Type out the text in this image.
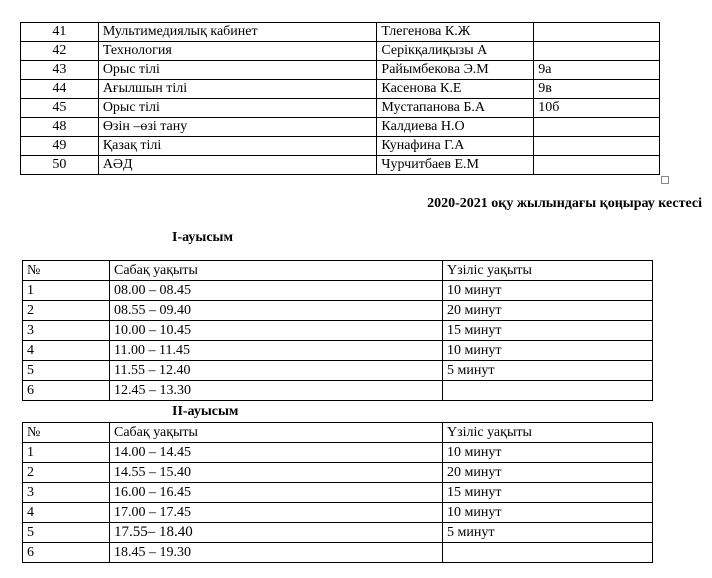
41	Мультимедиялық кабинет	Тлегенова К.Ж	
42	Технология	Серікқалиқызы А	
43	Орыс тілі	Райымбекова Э.М	9а
44	Ағылшын тілі	Касенова К.Е	9в
45	Орыс тілі	Мустапанова Б.А	10б
48	Өзін –өзі тану	Калдиева Н.О	
49	Қазақ тілі	Кунафина Г.А	
50	АӘД	Чурчитбаев Е.М	
2020-2021 оқу жылындағы қоңырау кестесі
I-ауысым
№	Сабақ уақыты	Үзіліс уақыты
1	08.00 – 08.45	10 минут
2	08.55 – 09.40	20 минут
3	10.00 – 10.45	15 минут
4	11.00 – 11.45	10 минут
5	11.55 – 12.40	5 минут
6	12.45 – 13.30	
II-ауысым
№	Сабақ уақыты	Үзіліс уақыты
1	14.00 – 14.45	10 минут
2	14.55 – 15.40	20 минут
3	16.00 – 16.45	15 минут
4	17.00 – 17.45	10 минут
5	17.55– 18.40	5 минут
6	18.45 – 19.30	
